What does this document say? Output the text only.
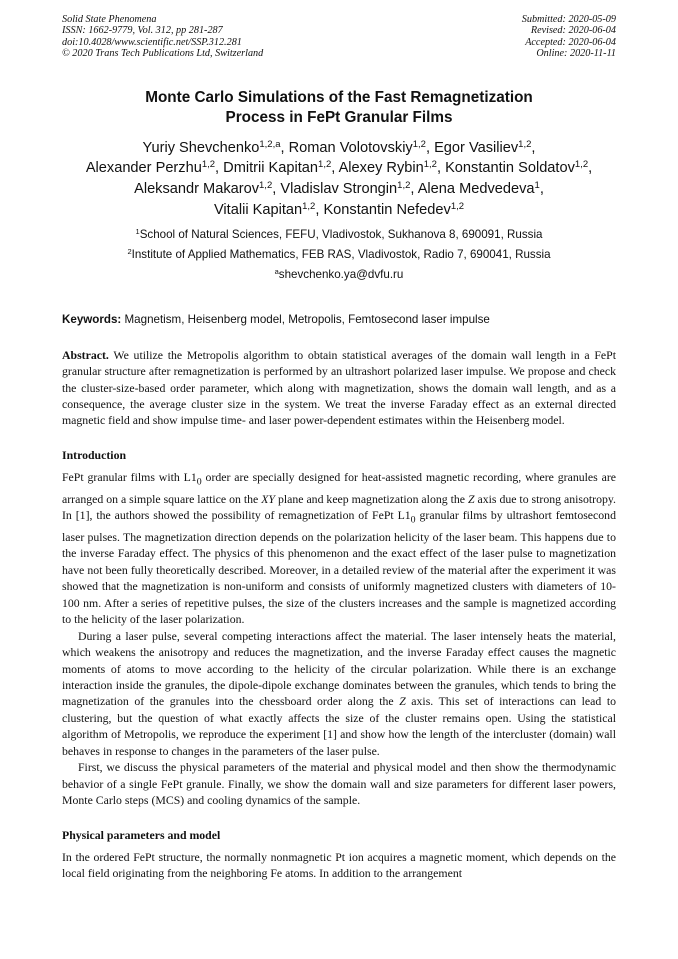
Solid State Phenomena
ISSN: 1662-9779, Vol. 312, pp 281-287
doi:10.4028/www.scientific.net/SSP.312.281
© 2020 Trans Tech Publications Ltd, Switzerland
Submitted: 2020-05-09
Revised: 2020-06-04
Accepted: 2020-06-04
Online: 2020-11-11
Monte Carlo Simulations of the Fast Remagnetization
Process in FePt Granular Films
Yuriy Shevchenko$^{1,2,a}$, Roman Volotovskiy$^{1,2}$, Egor Vasiliev$^{1,2}$,
Alexander Perzhu$^{1,2}$, Dmitrii Kapitan$^{1,2}$, Alexey Rybin$^{1,2}$, Konstantin Soldatov$^{1,2}$,
Aleksandr Makarov$^{1,2}$, Vladislav Strongin$^{1,2}$, Alena Medvedeva$^1$,
Vitalii Kapitan$^{1,2}$, Konstantin Nefedev$^{1,2}$
$^1$School of Natural Sciences, FEFU, Vladivostok, Sukhanova 8, 690091, Russia
$^2$Institute of Applied Mathematics, FEB RAS, Vladivostok, Radio 7, 690041, Russia
$^a$shevchenko.ya@dvfu.ru
Keywords: Magnetism, Heisenberg model, Metropolis, Femtosecond laser impulse
Abstract. We utilize the Metropolis algorithm to obtain statistical averages of the domain wall length in a FePt granular structure after remagnetization is performed by an ultrashort polarized laser impulse. We propose and check the cluster-size-based order parameter, which along with magnetization, shows the domain wall length, and as a consequence, the average cluster size in the system. We treat the inverse Faraday effect as an external directed magnetic field and show impulse time- and laser power-dependent estimates within the Heisenberg model.
Introduction

FePt granular films with $L1_0$ order are specially designed for heat-assisted magnetic recording, where granules are arranged on a simple square lattice on the XY plane and keep magnetization along the Z axis due to strong anisotropy. In [1], the authors showed the possibility of remagnetization of FePt $L1_0$ granular films by ultrashort femtosecond laser pulses. The magnetization direction depends on the polarization helicity of the laser beam. This happens due to the inverse Faraday effect. The physics of this phenomenon and the exact effect of the laser pulse to magnetization have not been fully theoretically described. Moreover, in a detailed review of the material after the experiment it was showed that the magnetization is non-uniform and consists of uniformly magnetized clusters with diameters of 10-100 nm. After a series of repetitive pulses, the size of the clusters increases and the sample is magnetized according to the helicity of the laser polarization.

During a laser pulse, several competing interactions affect the material. The laser intensely heats the material, which weakens the anisotropy and reduces the magnetization, and the inverse Faraday effect causes the magnetic moments of atoms to move according to the helicity of the circular polarization. While there is an exchange interaction inside the granules, the dipole-dipole exchange dominates between the granules, which tends to bring the magnetization of the granules into the chessboard order along the Z axis. This set of interactions can lead to clustering, but the question of what exactly affects the size of the cluster remains open. Using the statistical algorithm of Metropolis, we reproduce the experiment [1] and show how the length of the intercluster (domain) wall behaves in response to changes in the parameters of the laser pulse.

First, we discuss the physical parameters of the material and physical model and then show the thermodynamic behavior of a single FePt granule. Finally, we show the domain wall and size parameters for different laser powers, Monte Carlo steps (MCS) and cooling dynamics of the sample.

Physical parameters and model

In the ordered FePt structure, the normally nonmagnetic Pt ion acquires a magnetic moment, which depends on the local field originating from the neighboring Fe atoms. In addition to the arrangement
